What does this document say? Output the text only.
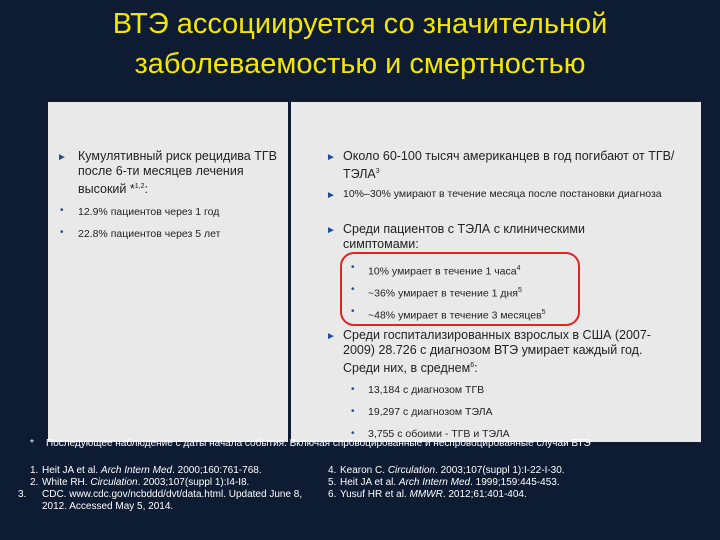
ВТЭ ассоциируется со значительной
заболеваемостью и смертностью
► Кумулятивный риск рецидива ТГВ после 6-ти месяцев лечения высокий *$^{1,2}$:
• 12.9% пациентов через 1 год
• 22.8% пациентов через 5 лет
► Около 60-100 тысяч американцев в год погибают от ТГВ/ТЭЛА$^3$
► 10%–30% умирают в течение месяца после постановки диагноза
► Среди пациентов с ТЭЛА с клиническими симптомами:
• 10% умирает в течение 1 часа$^4$
• ~36% умирает в течение 1 дня$^5$
• ~48% умирает в течение 3 месяцев$^5$
► Среди госпитализированных взрослых в США (2007-2009) 28.726 с диагнозом ВТЭ умирает каждый год. Среди них, в среднем$^6$:
• 13,184 с диагнозом ТГВ
• 19,297 с диагнозом ТЭЛА
• 3,755 с обоими - ТГВ и ТЭЛА
* Последующее наблюдение с даты начала события. Включая спровоцированные и неспровоцированные случаи ВТЭ
1. Heit JA et al. Arch Intern Med. 2000;160:761-768.
2. White RH. Circulation. 2003;107(suppl 1):I4-I8.
3. CDC. www.cdc.gov/ncbddd/dvt/data.html. Updated June 8, 2012. Accessed May 5, 2014.
4. Kearon C. Circulation. 2003;107(suppl 1):I-22-I-30.
5. Heit JA et al. Arch Intern Med. 1999;159:445-453.
6. Yusuf HR et al. MMWR. 2012;61:401-404.
